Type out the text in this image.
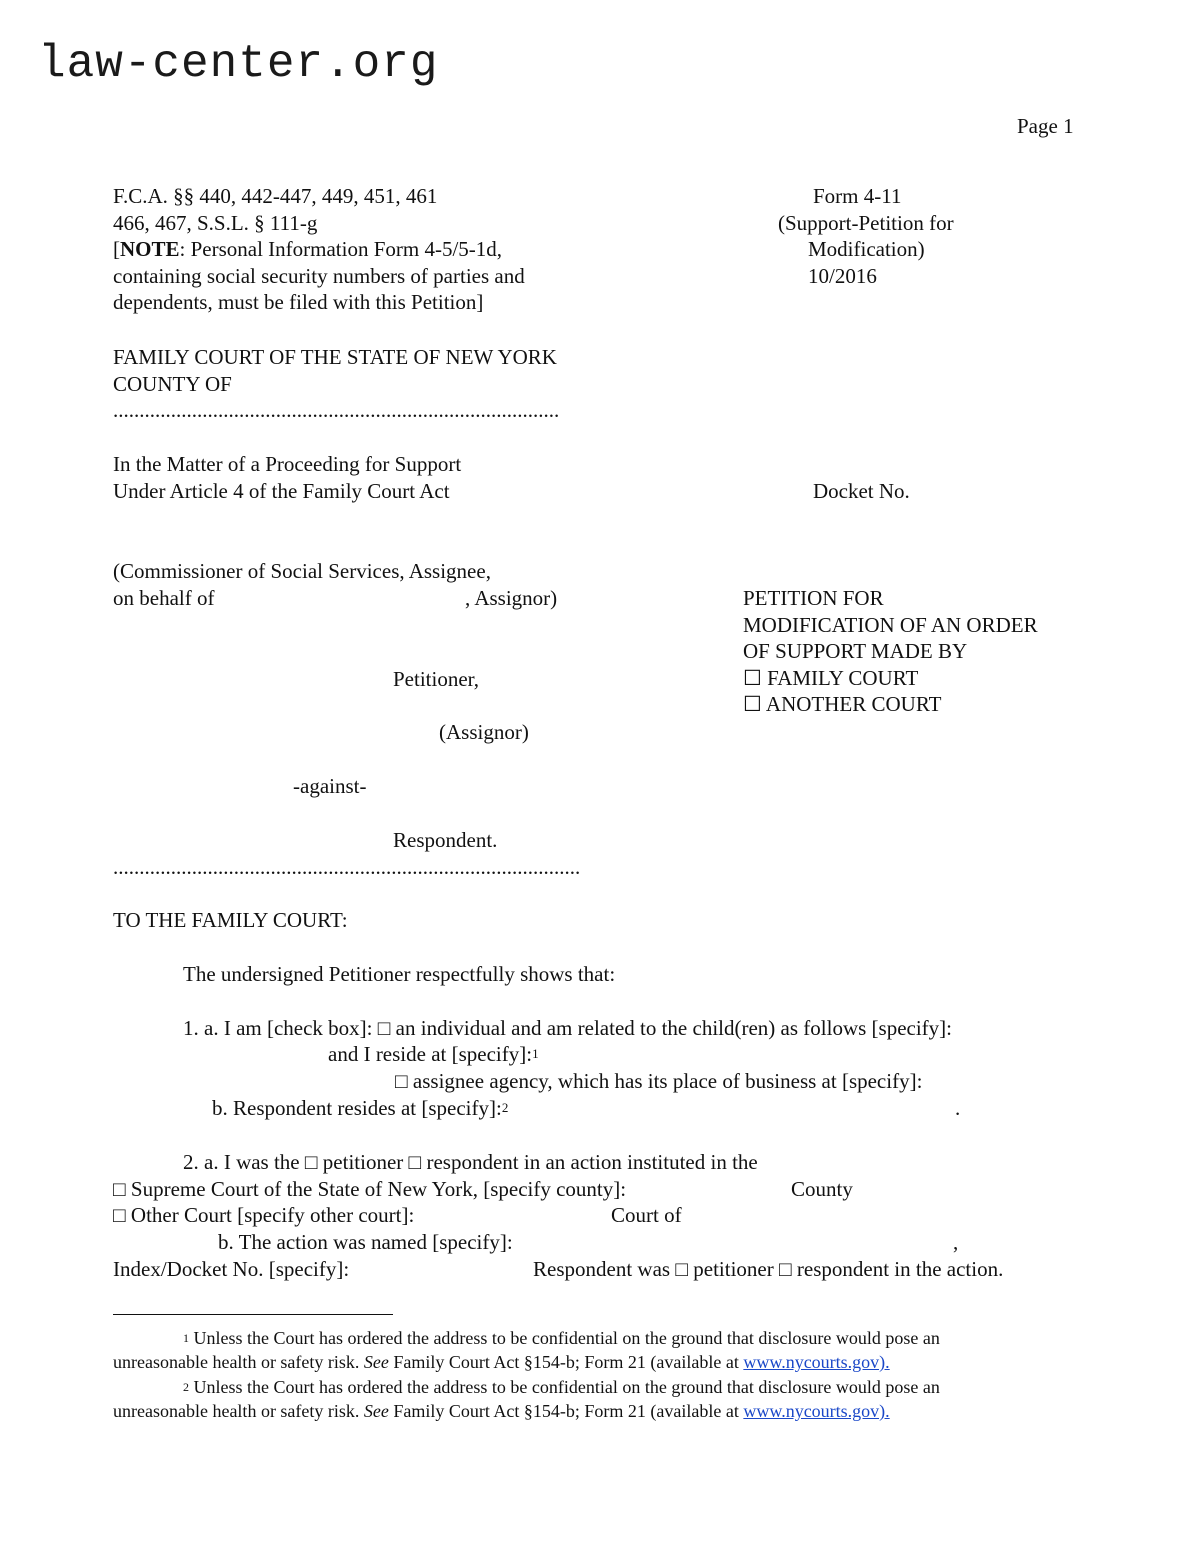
law-center.org
Page 1
F.C.A. §§ 440, 442-447, 449, 451, 461
466, 467, S.S.L. § 111-g
[NOTE: Personal Information Form 4-5/5-1d,
containing social security numbers of parties and
dependents, must be filed with this Petition]
Form 4-11
(Support-Petition for
Modification)
10/2016
FAMILY COURT OF THE STATE OF NEW YORK
COUNTY OF
.....................................................................................
In the Matter of a Proceeding for Support
Under Article 4 of the Family Court Act	Docket No.
(Commissioner of Social Services, Assignee,
on behalf of	, Assignor)
Petitioner,
(Assignor)
-against-
Respondent.
.........................................................................................
PETITION FOR
MODIFICATION OF AN ORDER
OF SUPPORT MADE BY
☐ FAMILY COURT
☐ ANOTHER COURT
TO THE FAMILY COURT:
The undersigned Petitioner respectfully shows that:
1. a. I am [check box]: □ an individual and am related to the child(ren) as follows [specify]:
and I reside at [specify]:$^1$
□ assignee agency, which has its place of business at [specify]:
b. Respondent resides at [specify]:$^2$	.
2. a. I was the □ petitioner □ respondent in an action instituted in the
□ Supreme Court of the State of New York, [specify county]:	County
□ Other Court [specify other court]:	Court of
b. The action was named [specify]:	,
Index/Docket No. [specify]:	Respondent was □ petitioner □ respondent in the action.
$^1$ Unless the Court has ordered the address to be confidential on the ground that disclosure would pose an
unreasonable health or safety risk. See Family Court Act §154-b; Form 21 (available at www.nycourts.gov).
$^2$ Unless the Court has ordered the address to be confidential on the ground that disclosure would pose an
unreasonable health or safety risk. See Family Court Act §154-b; Form 21 (available at www.nycourts.gov).
